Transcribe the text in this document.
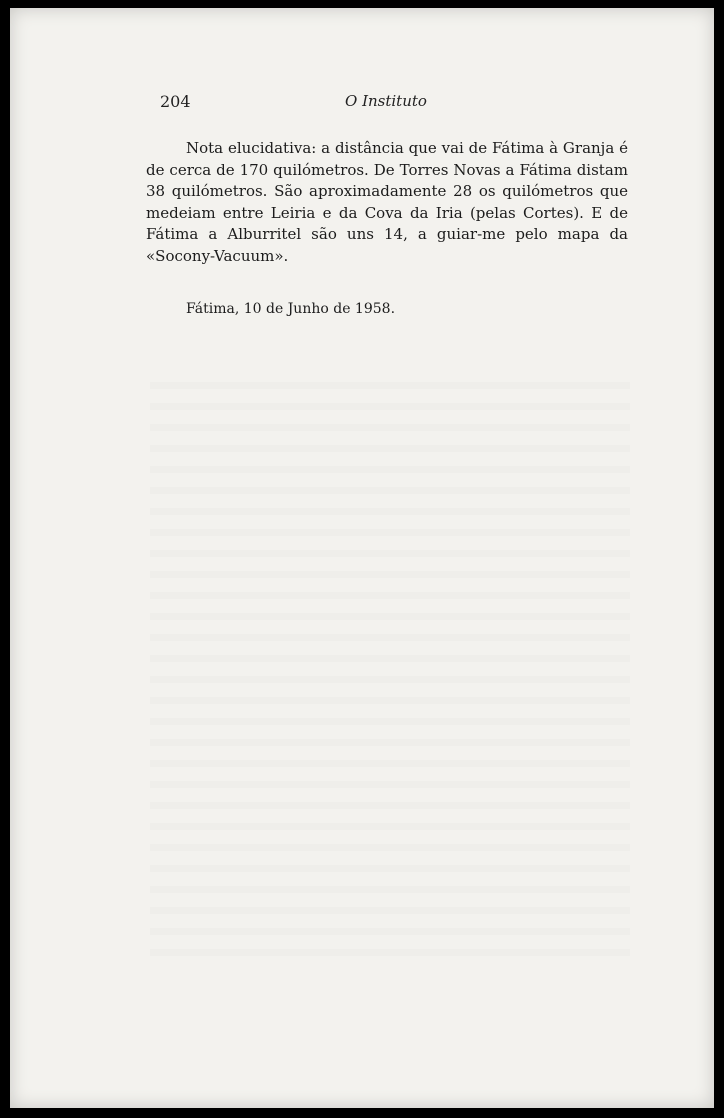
204	O Instituto

Nota elucidativa: a distância que vai de Fátima à Granja é de cerca de 170 quilómetros. De Torres Novas a Fátima distam 38 quilómetros. São aproximadamente 28 os quilómetros que medeiam entre Leiria e da Cova da Iria (pelas Cortes). E de Fátima a Alburritel são uns 14, a guiar-me pelo mapa da «Socony-Vacuum».

Fátima, 10 de Junho de 1958.
